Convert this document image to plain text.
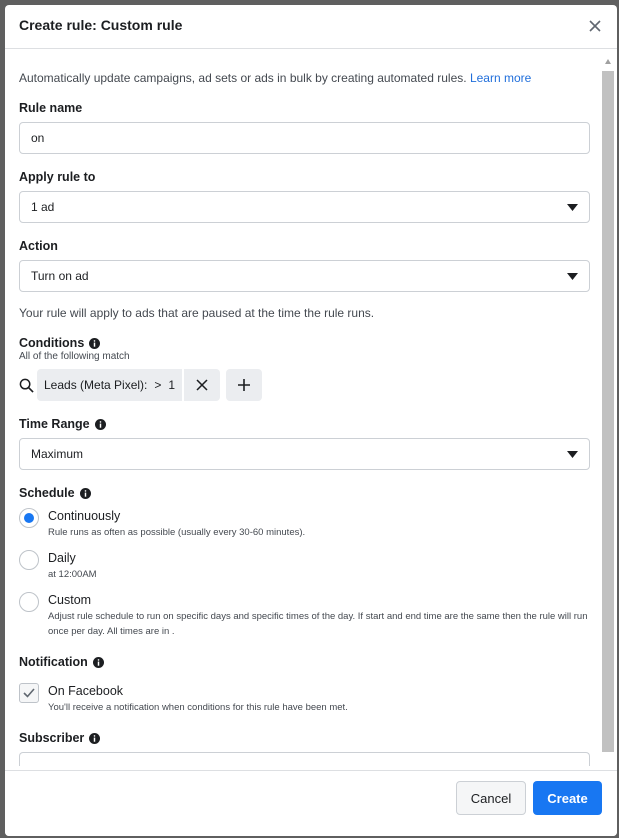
Create rule: Custom rule
Automatically update campaigns, ad sets or ads in bulk by creating automated rules. Learn more
Rule name
on
Apply rule to
1 ad
Action
Turn on ad
Your rule will apply to ads that are paused at the time the rule runs.
Conditions
All of the following match
Leads (Meta Pixel): > 1
Time Range
Maximum
Schedule
Continuously
Rule runs as often as possible (usually every 30-60 minutes).
Daily
at 12:00AM
Custom
Adjust rule schedule to run on specific days and specific times of the day. If start and end time are the same then the rule will run once per day. All times are in .
Notification
On Facebook
You'll receive a notification when conditions for this rule have been met.
Subscriber
Cancel	Create
